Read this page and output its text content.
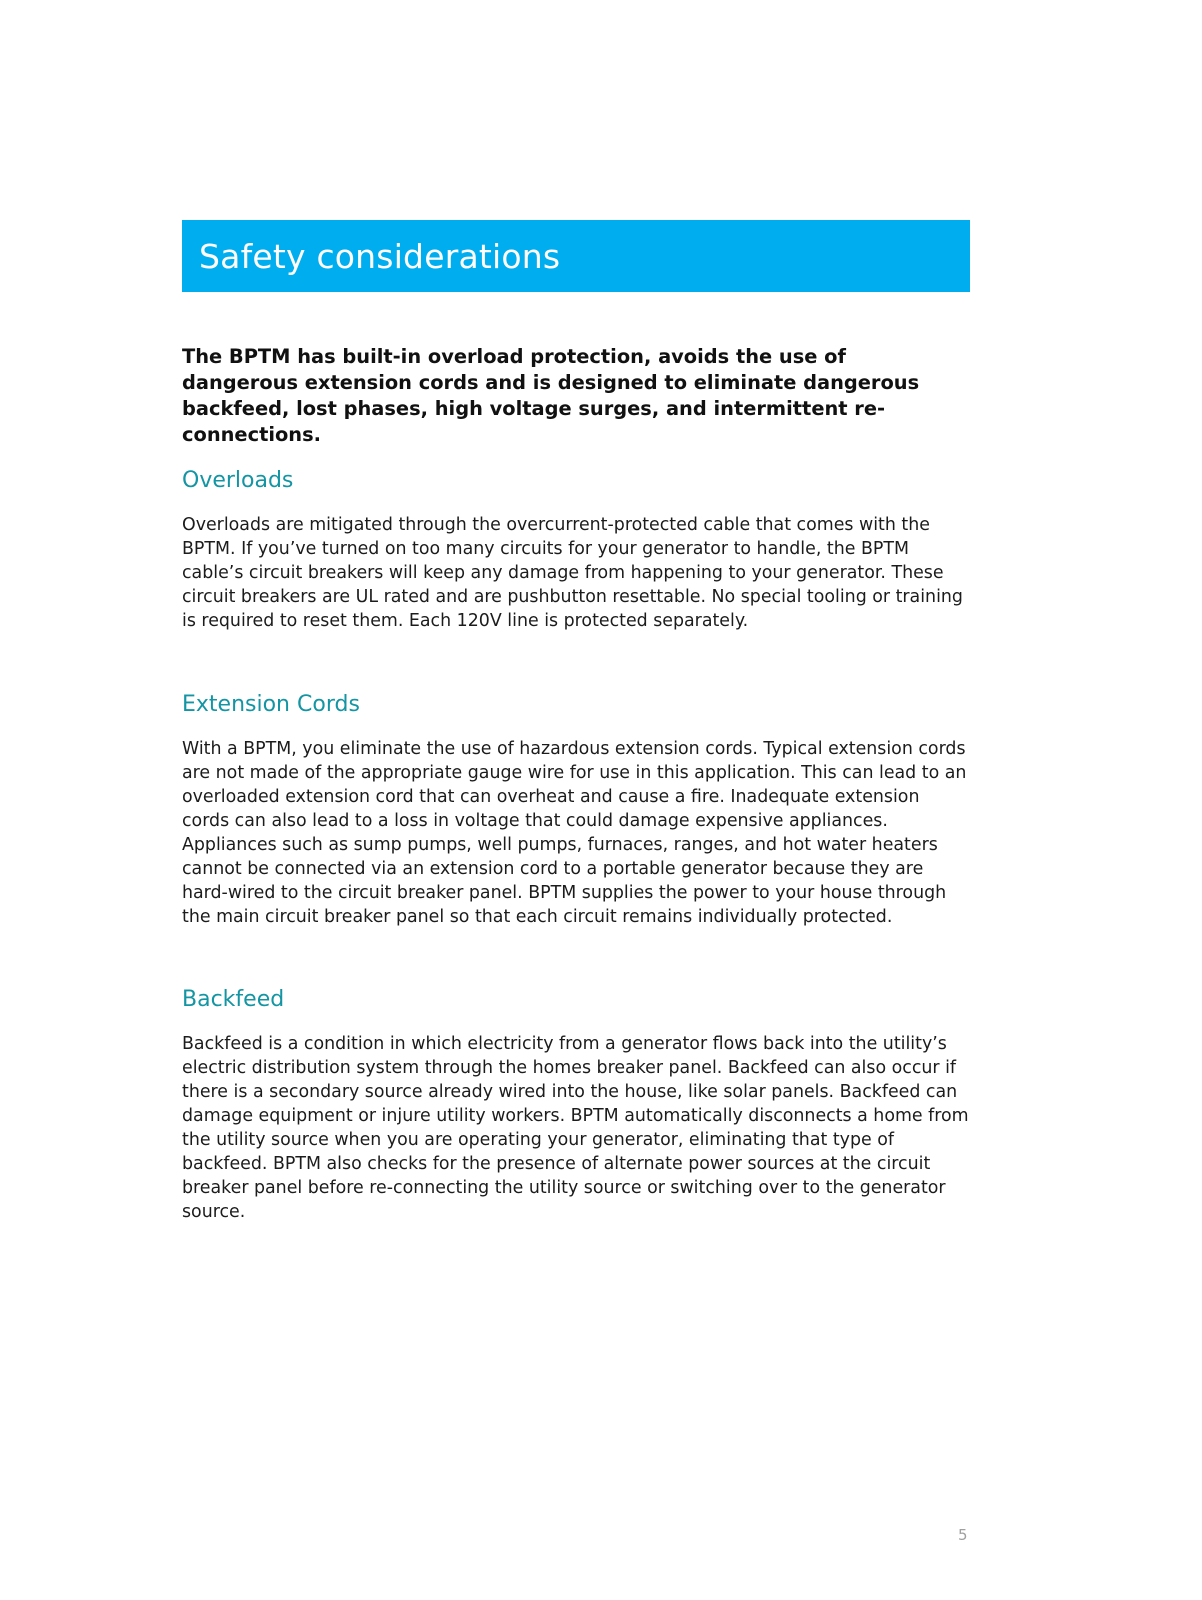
Safety considerations

The BPTM has built-in overload protection, avoids the use of dangerous extension cords and is designed to eliminate dangerous backfeed, lost phases, high voltage surges, and intermittent re-connections.

Overloads

Overloads are mitigated through the overcurrent-protected cable that comes with the BPTM. If you’ve turned on too many circuits for your generator to handle, the BPTM cable’s circuit breakers will keep any damage from happening to your generator. These circuit breakers are UL rated and are pushbutton resettable. No special tooling or training is required to reset them. Each 120V line is protected separately.

Extension Cords

With a BPTM, you eliminate the use of hazardous extension cords. Typical extension cords are not made of the appropriate gauge wire for use in this application. This can lead to an overloaded extension cord that can overheat and cause a fire. Inadequate extension cords can also lead to a loss in voltage that could damage expensive appliances. Appliances such as sump pumps, well pumps, furnaces, ranges, and hot water heaters cannot be connected via an extension cord to a portable generator because they are hard-wired to the circuit breaker panel. BPTM supplies the power to your house through the main circuit breaker panel so that each circuit remains individually protected.

Backfeed

Backfeed is a condition in which electricity from a generator flows back into the utility’s electric distribution system through the homes breaker panel. Backfeed can also occur if there is a secondary source already wired into the house, like solar panels. Backfeed can damage equipment or injure utility workers. BPTM automatically disconnects a home from the utility source when you are operating your generator, eliminating that type of backfeed. BPTM also checks for the presence of alternate power sources at the circuit breaker panel before re-connecting the utility source or switching over to the generator source.

5
